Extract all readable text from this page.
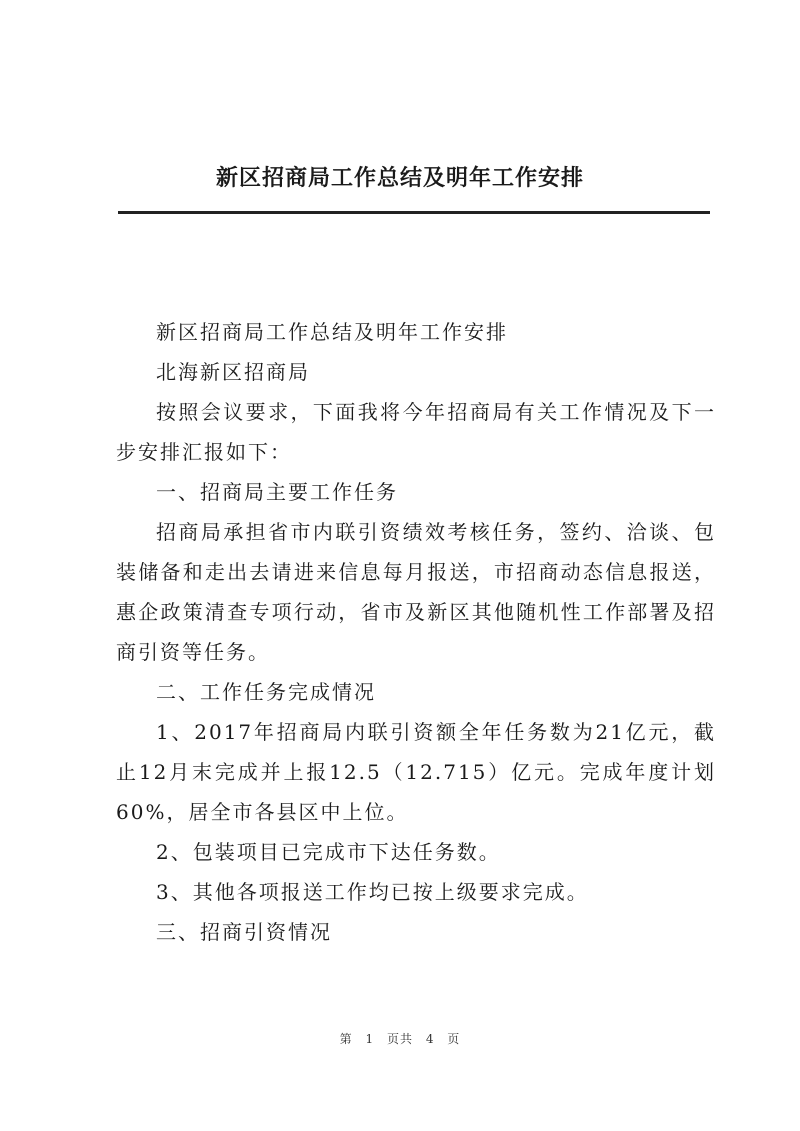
新区招商局工作总结及明年工作安排

新区招商局工作总结及明年工作安排

北海新区招商局

按照会议要求，下面我将今年招商局有关工作情况及下一步安排汇报如下：

一、招商局主要工作任务

招商局承担省市内联引资绩效考核任务，签约、洽谈、包装储备和走出去请进来信息每月报送，市招商动态信息报送，惠企政策清查专项行动，省市及新区其他随机性工作部署及招商引资等任务。

二、工作任务完成情况

1、2017年招商局内联引资额全年任务数为21亿元，截止12月末完成并上报12.5（12.715）亿元。完成年度计划60%，居全市各县区中上位。

2、包装项目已完成市下达任务数。

3、其他各项报送工作均已按上级要求完成。

三、招商引资情况

第 1 页共 4 页
